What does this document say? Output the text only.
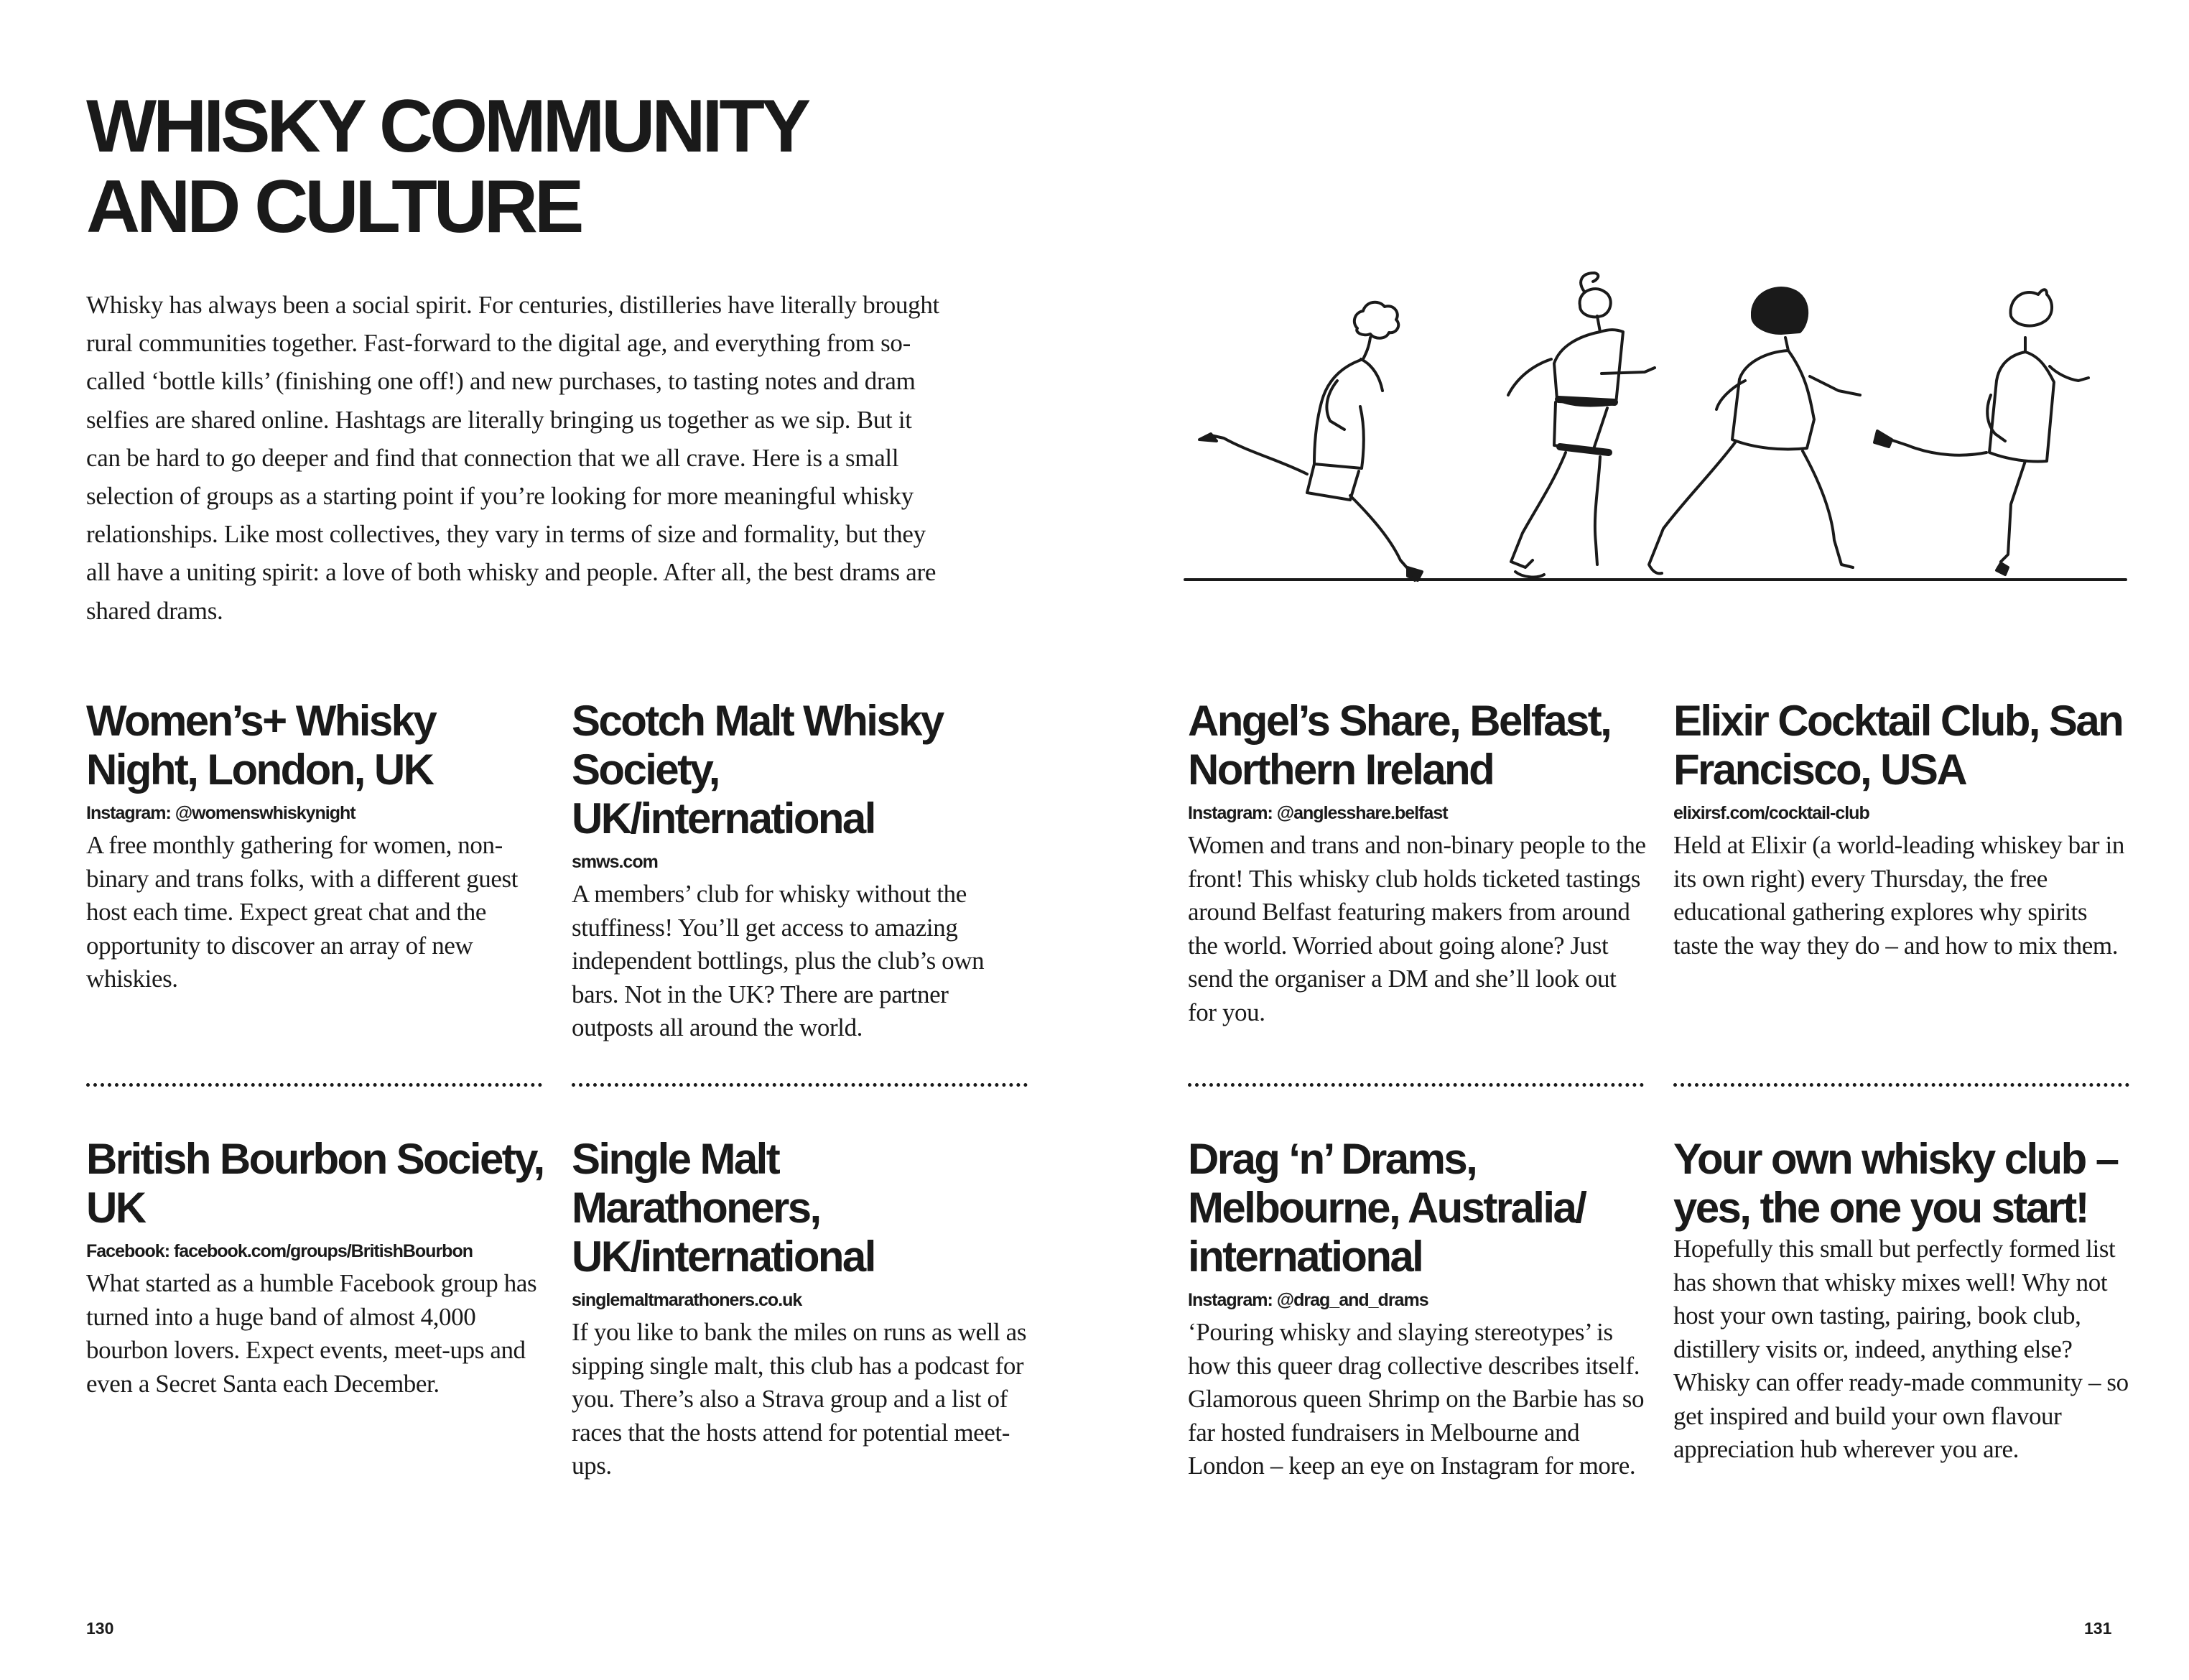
WHISKY COMMUNITY
AND CULTURE

Whisky has always been a social spirit. For centuries, distilleries have literally brought rural communities together. Fast-forward to the digital age, and everything from so-called ‘bottle kills’ (finishing one off!) and new purchases, to tasting notes and dram selfies are shared online. Hashtags are literally bringing us together as we sip. But it can be hard to go deeper and find that connection that we all crave. Here is a small selection of groups as a starting point if you’re looking for more meaningful whisky relationships. Like most collectives, they vary in terms of size and formality, but they all have a uniting spirit: a love of both whisky and people. After all, the best drams are shared drams.

Women’s+ Whisky Night, London, UK
Instagram: @womenswhiskynight

A free monthly gathering for women, non-binary and trans folks, with a different guest host each time. Expect great chat and the opportunity to discover an array of new whiskies.

Scotch Malt Whisky Society, UK/international
smws.com

A members’ club for whisky without the stuffiness! You’ll get access to amazing independent bottlings, plus the club’s own bars. Not in the UK? There are partner outposts all around the world.

Angel’s Share, Belfast, Northern Ireland
Instagram: @anglesshare.belfast

Women and trans and non-binary people to the front! This whisky club holds ticketed tastings around Belfast featuring makers from around the world. Worried about going alone? Just send the organiser a DM and she’ll look out for you.

Elixir Cocktail Club, San Francisco, USA
elixirsf.com/cocktail-club

Held at Elixir (a world-leading whiskey bar in its own right) every Thursday, the free educational gathering explores why spirits taste the way they do – and how to mix them.

British Bourbon Society, UK
Facebook: facebook.com/groups/BritishBourbon

What started as a humble Facebook group has turned into a huge band of almost 4,000 bourbon lovers. Expect events, meet-ups and even a Secret Santa each December.

Single Malt Marathoners, UK/international
singlemaltmarathoners.co.uk

If you like to bank the miles on runs as well as sipping single malt, this club has a podcast for you. There’s also a Strava group and a list of races that the hosts attend for potential meet-ups.

Drag ‘n’ Drams, Melbourne, Australia/ international
Instagram: @drag_and_drams

‘Pouring whisky and slaying stereotypes’ is how this queer drag collective describes itself. Glamorous queen Shrimp on the Barbie has so far hosted fundraisers in Melbourne and London – keep an eye on Instagram for more.

Your own whisky club – yes, the one you start!

Hopefully this small but perfectly formed list has shown that whisky mixes well! Why not host your own tasting, pairing, book club, distillery visits or, indeed, anything else? Whisky can offer ready-made community – so get inspired and build your own flavour appreciation hub wherever you are.

130	131
